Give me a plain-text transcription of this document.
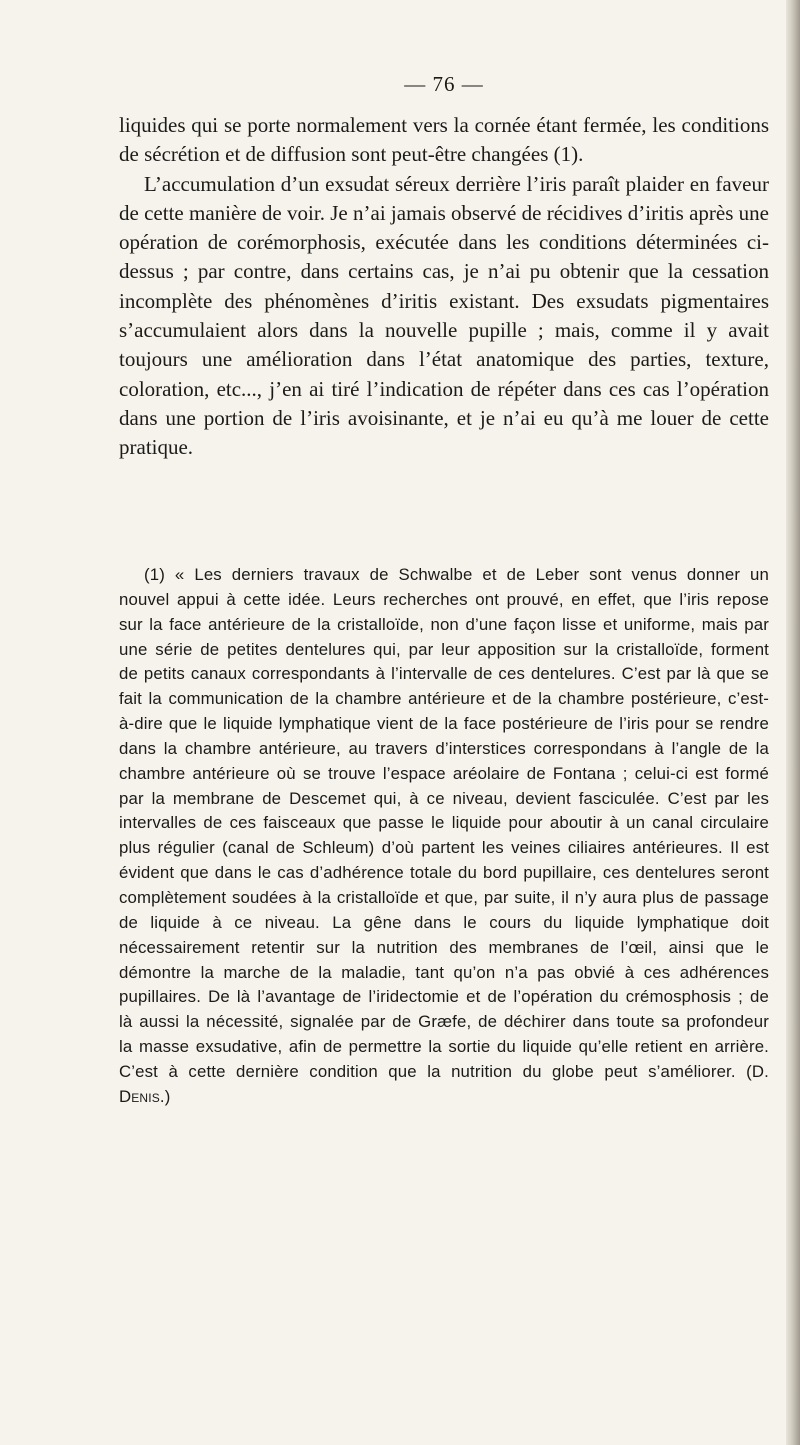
— 76 —

liquides qui se porte normalement vers la cornée étant fermée, les conditions de sécrétion et de diffusion sont peut-être changées (1).

L’accumulation d’un exsudat séreux derrière l’iris paraît plaider en faveur de cette manière de voir. Je n’ai jamais observé de récidives d’iritis après une opération de corémorphosis, exécutée dans les conditions déterminées ci-dessus ; par contre, dans certains cas, je n’ai pu obtenir que la cessation incomplète des phénomènes d’iritis existant. Des exsudats pigmentaires s’accumulaient alors dans la nouvelle pupille ; mais, comme il y avait toujours une amélioration dans l’état anatomique des parties, texture, coloration, etc..., j’en ai tiré l’indication de répéter dans ces cas l’opération dans une portion de l’iris avoisinante, et je n’ai eu qu’à me louer de cette pratique.

(1) « Les derniers travaux de Schwalbe et de Leber sont venus donner un nouvel appui à cette idée. Leurs recherches ont prouvé, en effet, que l’iris repose sur la face antérieure de la cristalloïde, non d’une façon lisse et uniforme, mais par une série de petites dentelures qui, par leur apposition sur la cristalloïde, forment de petits canaux correspondants à l’intervalle de ces dentelures. C’est par là que se fait la communication de la chambre antérieure et de la chambre postérieure, c’est-à-dire que le liquide lymphatique vient de la face postérieure de l’iris pour se rendre dans la chambre antérieure, au travers d’interstices correspondans à l’angle de la chambre antérieure où se trouve l’espace aréolaire de Fontana ; celui-ci est formé par la membrane de Descemet qui, à ce niveau, devient fasciculée. C’est par les intervalles de ces faisceaux que passe le liquide pour aboutir à un canal circulaire plus régulier (canal de Schleum) d’où partent les veines ciliaires antérieures. Il est évident que dans le cas d’adhérence totale du bord pupillaire, ces dentelures seront complètement soudées à la cristalloïde et que, par suite, il n’y aura plus de passage de liquide à ce niveau. La gêne dans le cours du liquide lymphatique doit nécessairement retentir sur la nutrition des membranes de l’œil, ainsi que le démontre la marche de la maladie, tant qu’on n’a pas obvié à ces adhérences pupillaires. De là l’avantage de l’iridectomie et de l’opération du crémosphosis ; de là aussi la nécessité, signalée par de Græfe, de déchirer dans toute sa profondeur la masse exsudative, afin de permettre la sortie du liquide qu’elle retient en arrière. C’est à cette dernière condition que la nutrition du globe peut s’améliorer. (D. Denis.)
